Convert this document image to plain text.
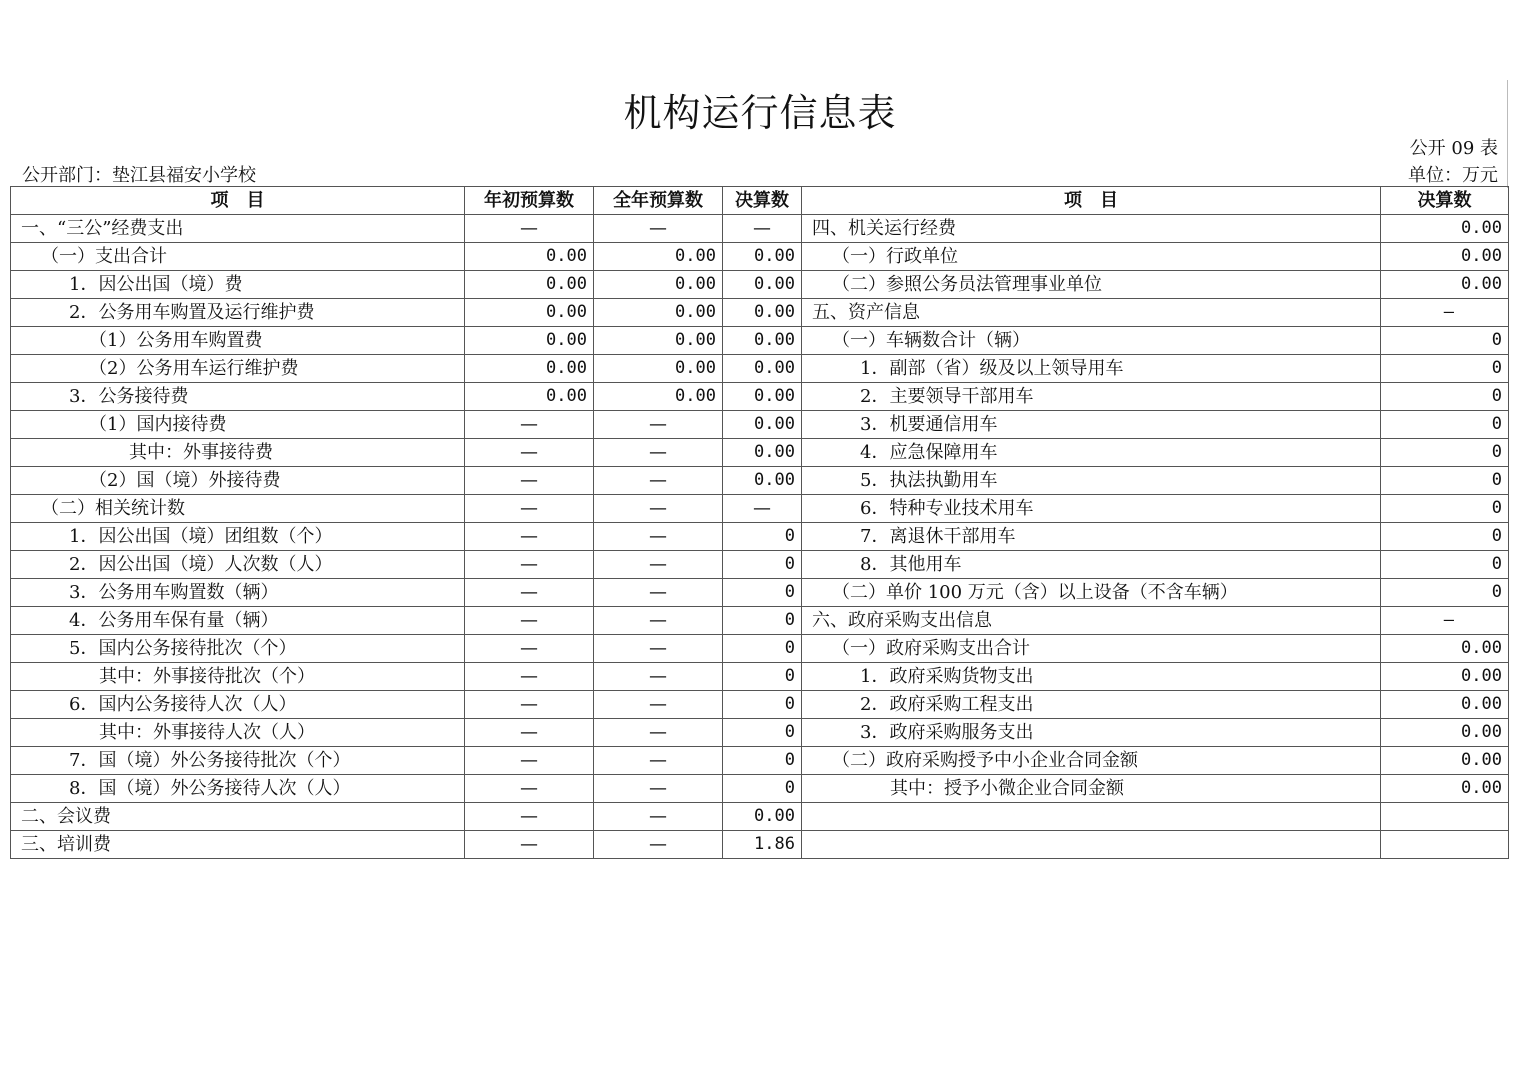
机构运行信息表
公开 09 表
公开部门：垫江县福安小学校	单位：万元
项　目	年初预算数	全年预算数	决算数	项　目	决算数
一、“三公”经费支出	—	—	—	四、机关运行经费	0.00
（一）支出合计	0.00	0.00	0.00	（一）行政单位	0.00
1．因公出国（境）费	0.00	0.00	0.00	（二）参照公务员法管理事业单位	0.00
2．公务用车购置及运行维护费	0.00	0.00	0.00	五、资产信息	—
（1）公务用车购置费	0.00	0.00	0.00	（一）车辆数合计（辆）	0
（2）公务用车运行维护费	0.00	0.00	0.00	1．副部（省）级及以上领导用车	0
3．公务接待费	0.00	0.00	0.00	2．主要领导干部用车	0
（1）国内接待费	—	—	0.00	3．机要通信用车	0
其中：外事接待费	—	—	0.00	4．应急保障用车	0
（2）国（境）外接待费	—	—	0.00	5．执法执勤用车	0
（二）相关统计数	—	—	—	6．特种专业技术用车	0
1．因公出国（境）团组数（个）	—	—	0	7．离退休干部用车	0
2．因公出国（境）人次数（人）	—	—	0	8．其他用车	0
3．公务用车购置数（辆）	—	—	0	（二）单价 100 万元（含）以上设备（不含车辆）	0
4．公务用车保有量（辆）	—	—	0	六、政府采购支出信息	—
5．国内公务接待批次（个）	—	—	0	（一）政府采购支出合计	0.00
其中：外事接待批次（个）	—	—	0	1．政府采购货物支出	0.00
6．国内公务接待人次（人）	—	—	0	2．政府采购工程支出	0.00
其中：外事接待人次（人）	—	—	0	3．政府采购服务支出	0.00
7．国（境）外公务接待批次（个）	—	—	0	（二）政府采购授予中小企业合同金额	0.00
8．国（境）外公务接待人次（人）	—	—	0	其中：授予小微企业合同金额	0.00
二、会议费	—	—	0.00		
三、培训费	—	—	1.86		
